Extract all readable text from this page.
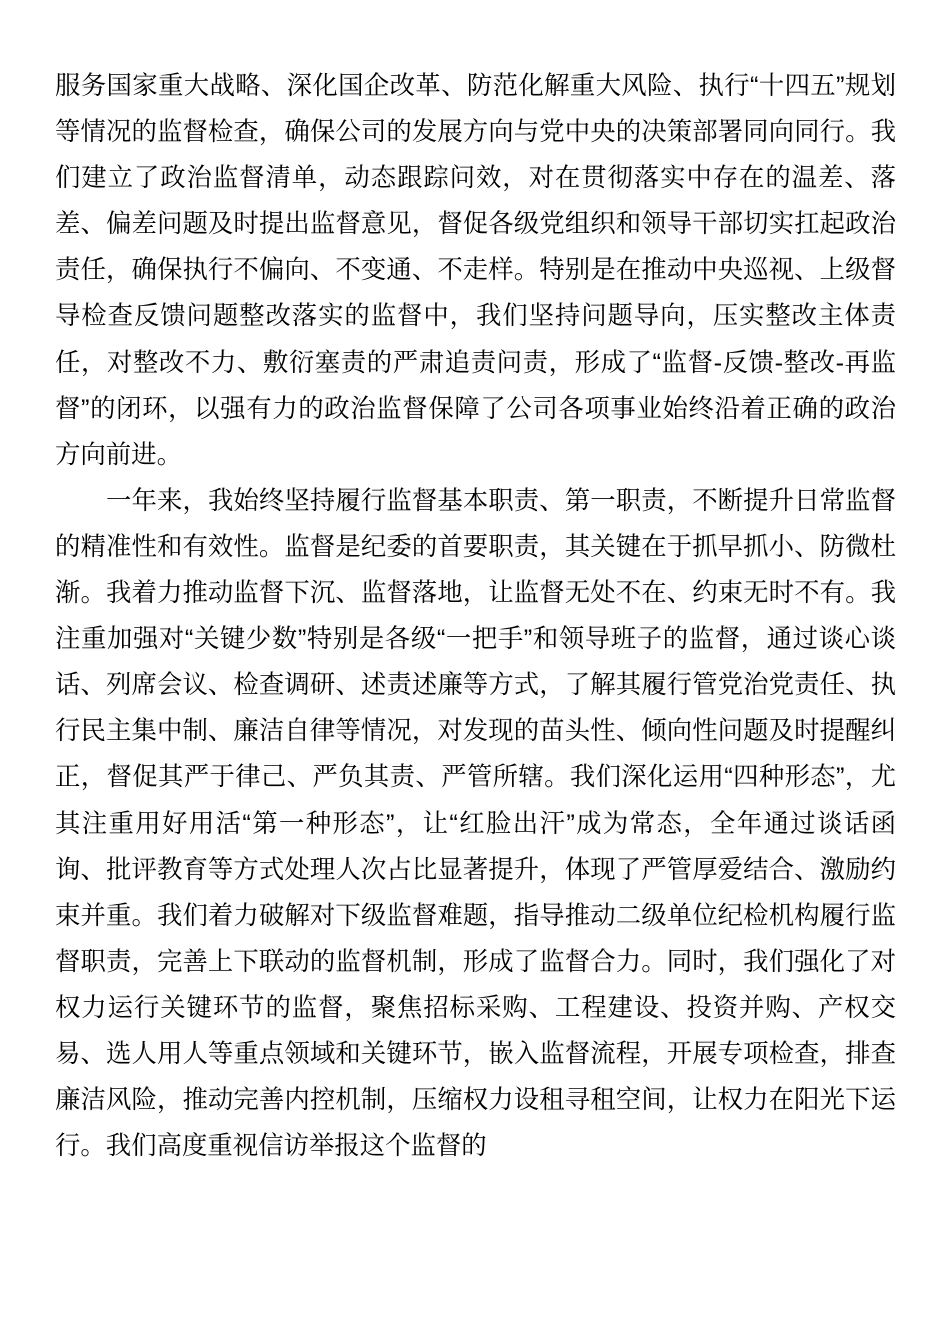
服务国家重大战略、深化国企改革、防范化解重大风险、执行“十四五”规划等情况的监督检查，确保公司的发展方向与党中央的决策部署同向同行。我们建立了政治监督清单，动态跟踪问效，对在贯彻落实中存在的温差、落差、偏差问题及时提出监督意见，督促各级党组织和领导干部切实扛起政治责任，确保执行不偏向、不变通、不走样。特别是在推动中央巡视、上级督导检查反馈问题整改落实的监督中，我们坚持问题导向，压实整改主体责任，对整改不力、敷衍塞责的严肃追责问责，形成了“监督-反馈-整改-再监督”的闭环，以强有力的政治监督保障了公司各项事业始终沿着正确的政治方向前进。

一年来，我始终坚持履行监督基本职责、第一职责，不断提升日常监督的精准性和有效性。监督是纪委的首要职责，其关键在于抓早抓小、防微杜渐。我着力推动监督下沉、监督落地，让监督无处不在、约束无时不有。我注重加强对“关键少数”特别是各级“一把手”和领导班子的监督，通过谈心谈话、列席会议、检查调研、述责述廉等方式，了解其履行管党治党责任、执行民主集中制、廉洁自律等情况，对发现的苗头性、倾向性问题及时提醒纠正，督促其严于律己、严负其责、严管所辖。我们深化运用“四种形态”，尤其注重用好用活“第一种形态”，让“红脸出汗”成为常态，全年通过谈话函询、批评教育等方式处理人次占比显著提升，体现了严管厚爱结合、激励约束并重。我们着力破解对下级监督难题，指导推动二级单位纪检机构履行监督职责，完善上下联动的监督机制，形成了监督合力。同时，我们强化了对权力运行关键环节的监督，聚焦招标采购、工程建设、投资并购、产权交易、选人用人等重点领域和关键环节，嵌入监督流程，开展专项检查，排查廉洁风险，推动完善内控机制，压缩权力设租寻租空间，让权力在阳光下运行。我们高度重视信访举报这个监督的
